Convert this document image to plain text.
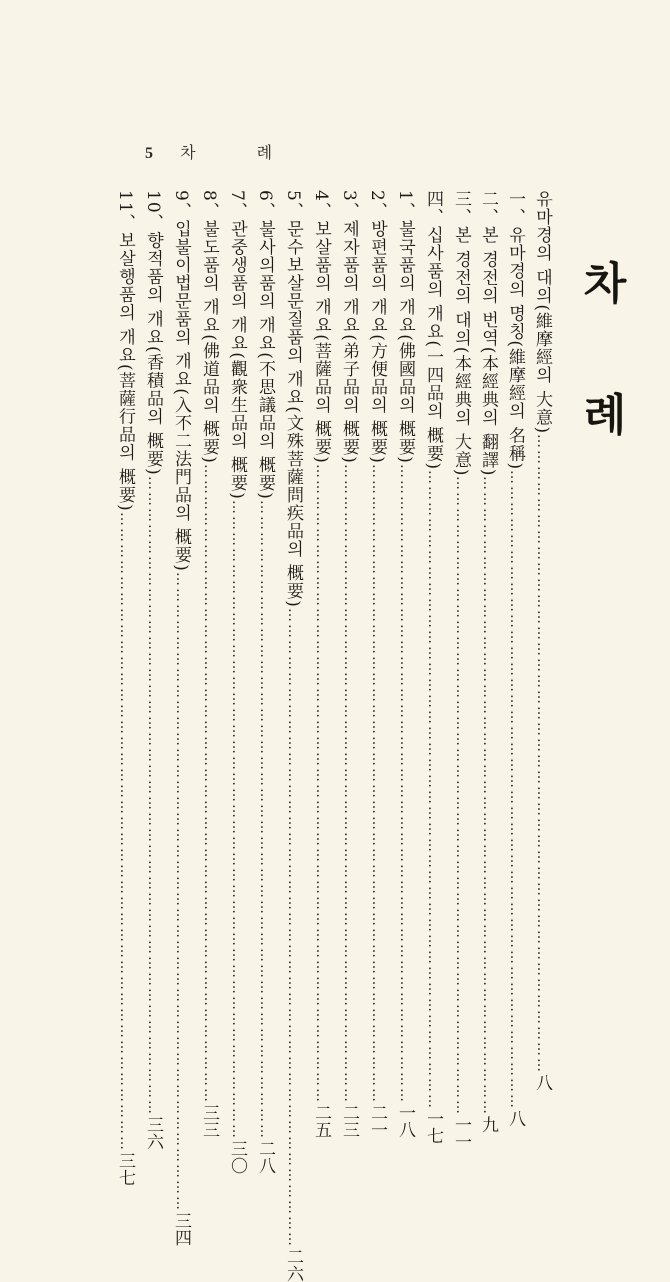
5 차 례
차 례
유마경의 대의(維摩經의 大意)
…………………………………………………………………………………………………………
八
一、유마경의 명칭(維摩經의 名稱)
…………………………………………………………………………………………………………
八
二、본 경전의 번역(本經典의 翻譯)
…………………………………………………………………………………………………………
九
三、본 경전의 대의(本經典의 大意)
…………………………………………………………………………………………………………
一一
四、십사품의 개요(一四品의 概要)
…………………………………………………………………………………………………………
一七
1、불국품의 개요(佛國品의 概要)
…………………………………………………………………………………………………………
一八
2、방편품의 개요(方便品의 概要)
…………………………………………………………………………………………………………
二一
3、제자품의 개요(弟子品의 概要)
…………………………………………………………………………………………………………
二三
4、보살품의 개요(菩薩品의 概要)
…………………………………………………………………………………………………………
二五
5、문수보살문질품의 개요(文殊菩薩問疾品의 概要)
…………………………………………………………………………………………………………
二六
6、불사의품의 개요(不思議品의 概要)
…………………………………………………………………………………………………………
二八
7、관중생품의 개요(觀衆生品의 概要)
…………………………………………………………………………………………………………
三〇
8、불도품의 개요(佛道品의 概要)
…………………………………………………………………………………………………………
三三
9、입불이법문품의 개요(入不二法門品의 概要)
…………………………………………………………………………………………………………
三四
10、향적품의 개요(香積品의 概要)
…………………………………………………………………………………………………………
三六
11、보살행품의 개요(菩薩行品의 概要)
…………………………………………………………………………………………………………
三七
